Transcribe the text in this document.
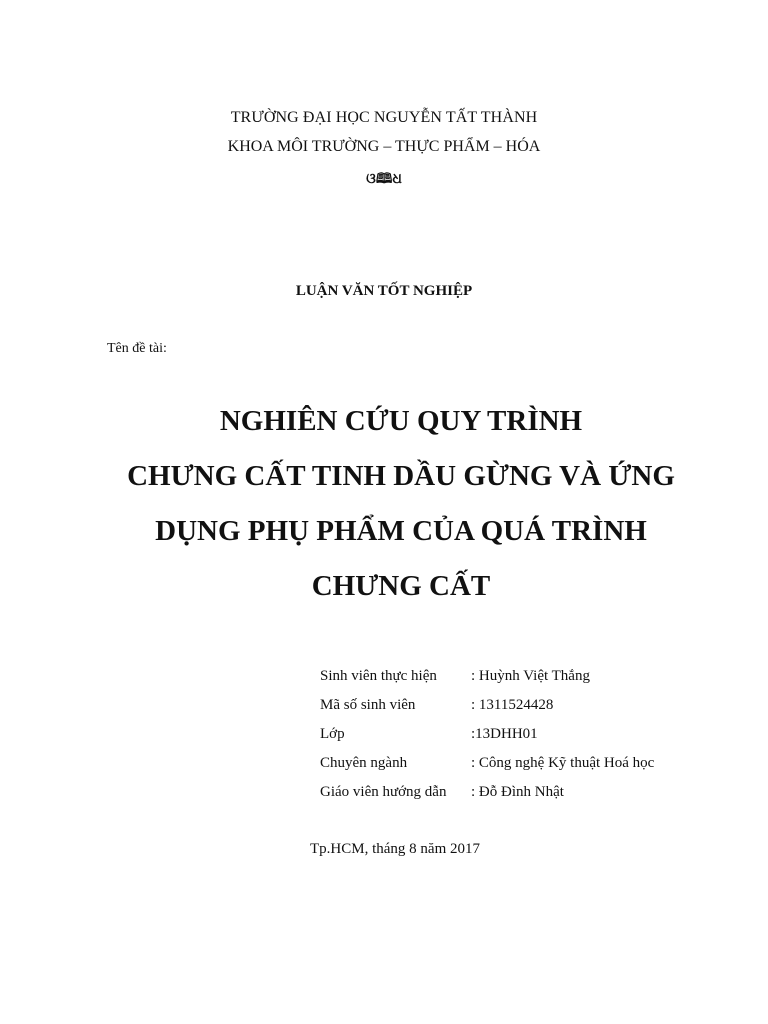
TRƯỜNG ĐẠI HỌC NGUYỄN TẤT THÀNH
KHOA MÔI TRƯỜNG – THỰC PHẨM – HÓA
ଓ🕮ଧ
LUẬN VĂN TỐT NGHIỆP
Tên đề tài:
NGHIÊN CỨU QUY TRÌNH
CHƯNG CẤT TINH DẦU GỪNG VÀ ỨNG
DỤNG PHỤ PHẨM CỦA QUÁ TRÌNH
CHƯNG CẤT
Sinh viên thực hiện : Huỳnh Việt Thắng
Mã số sinh viên	: 1311524428
Lớp	:13DHH01
Chuyên ngành	: Công nghệ Kỹ thuật Hoá học
Giáo viên hướng dẫn : Đỗ Đình Nhật
Tp.HCM, tháng 8 năm 2017
